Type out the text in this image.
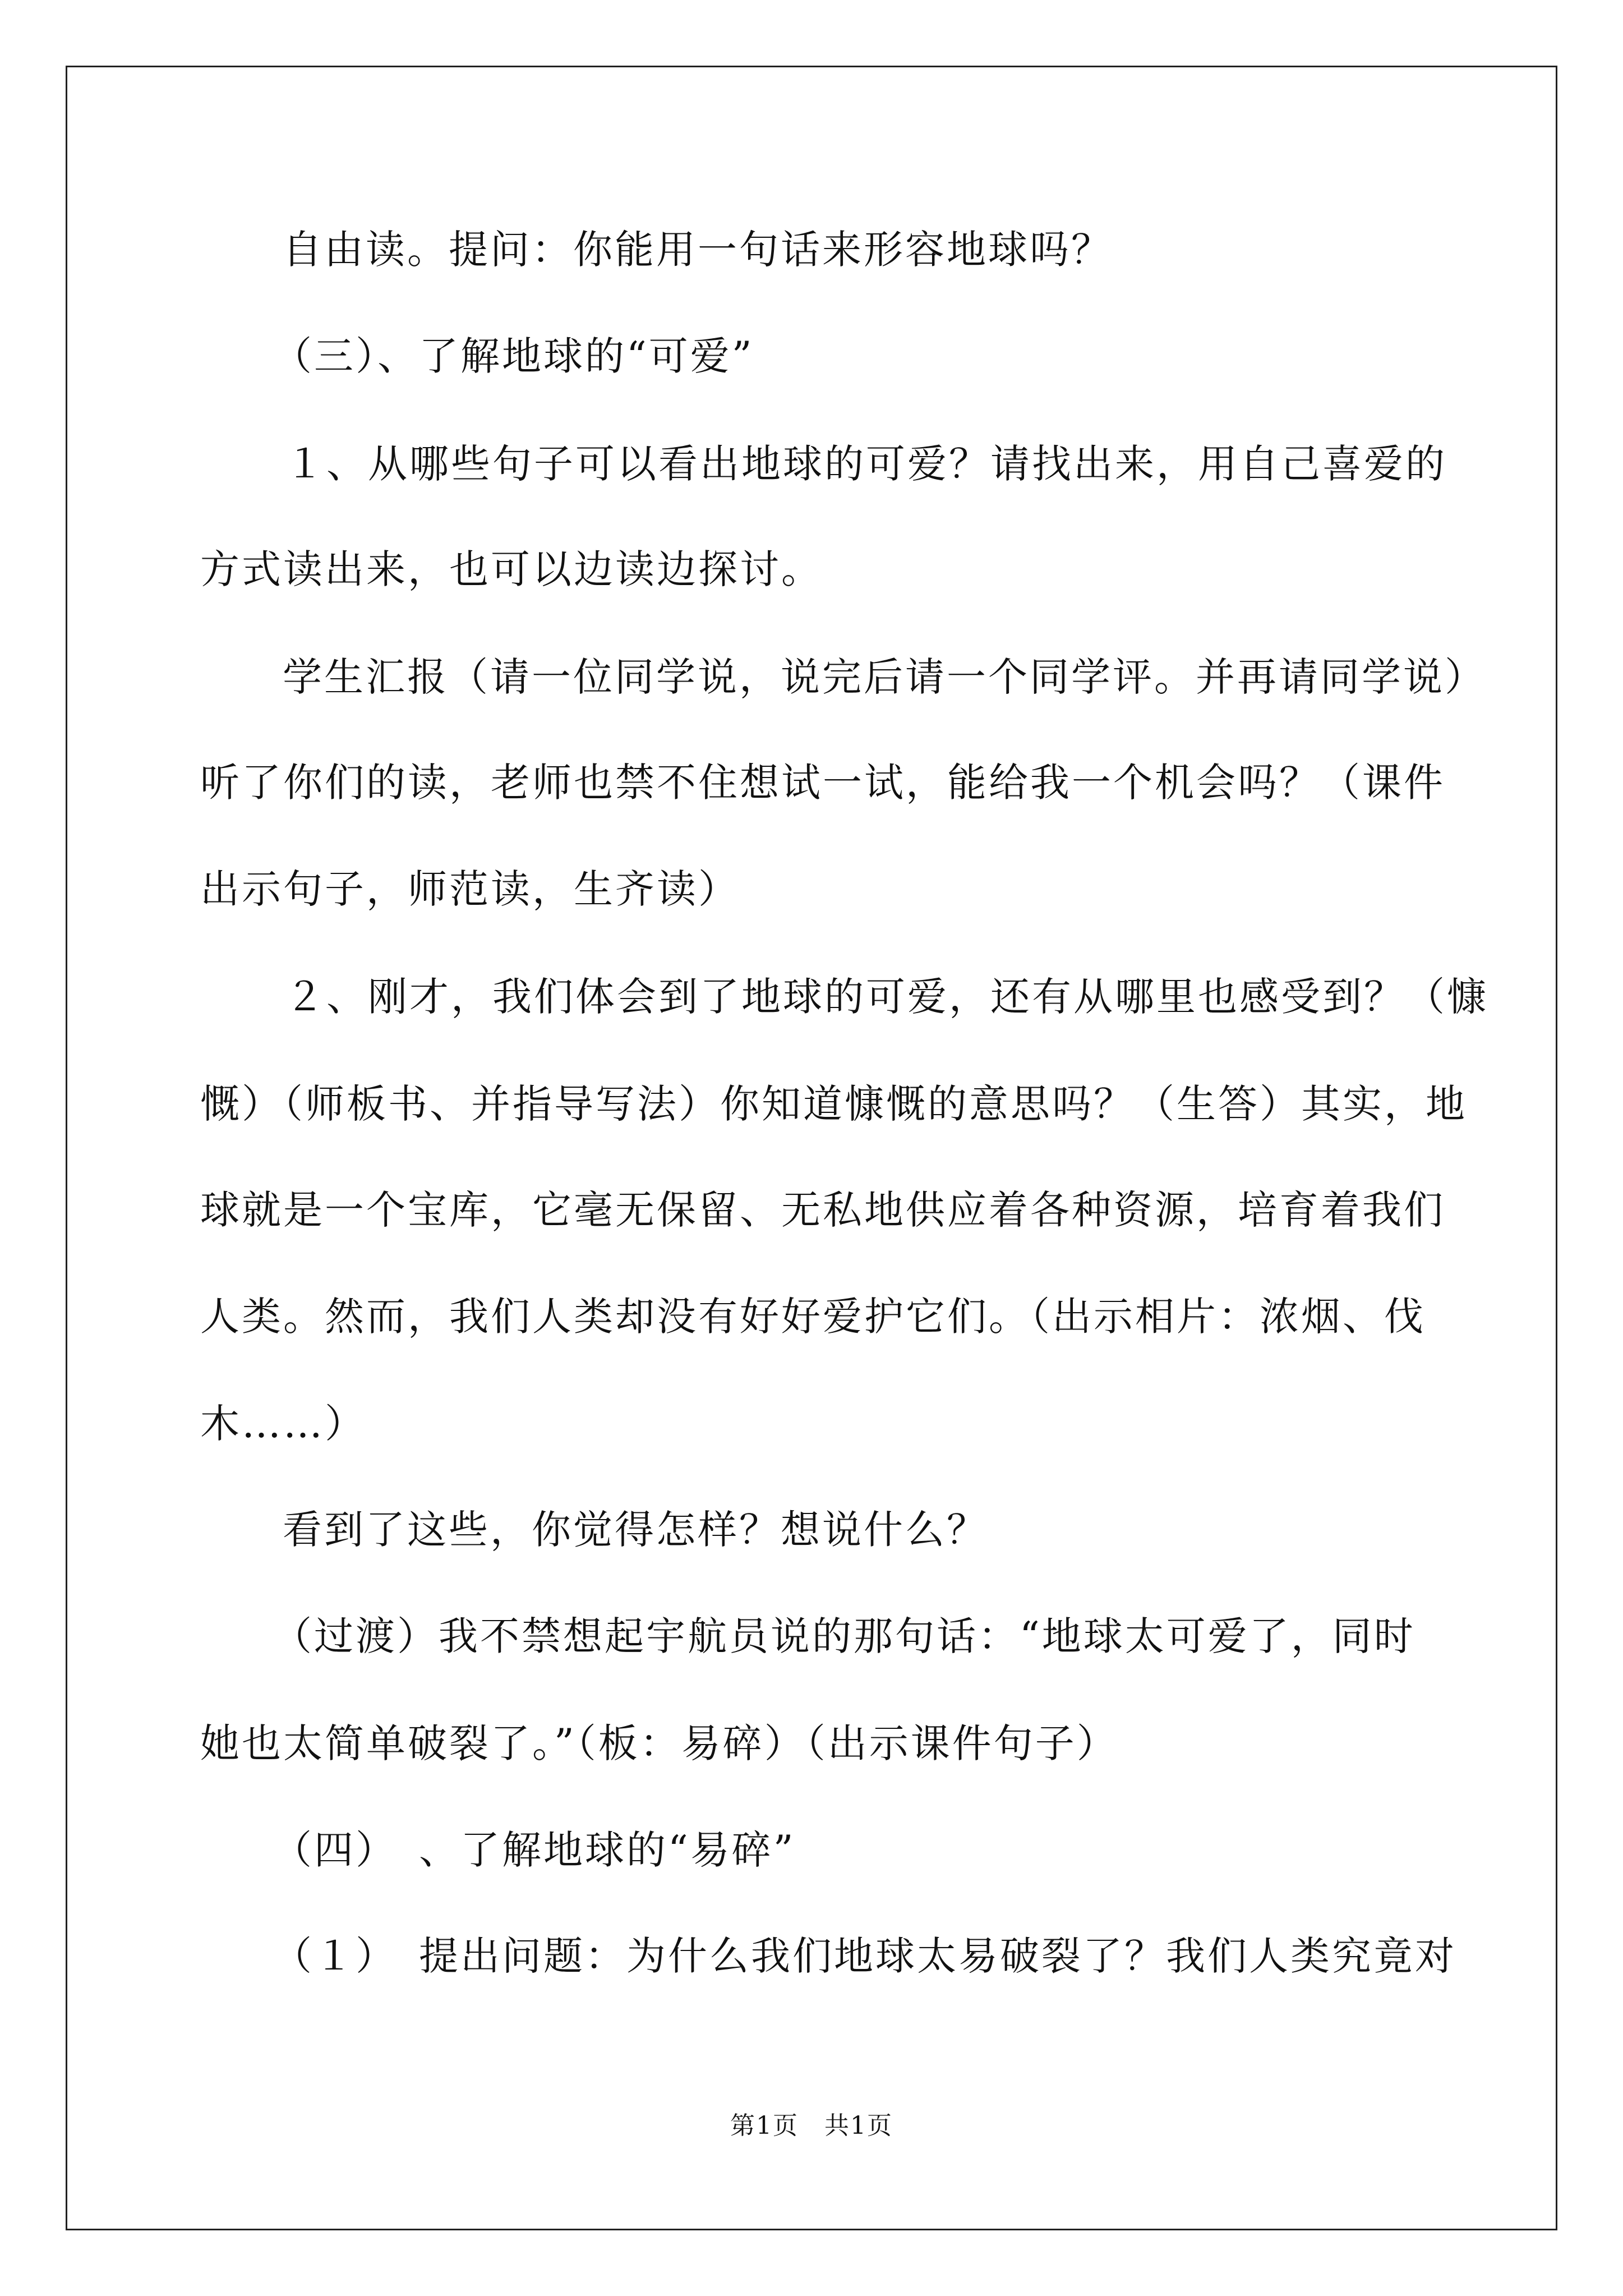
自由读。提问：你能用一句话来形容地球吗？
（三）、了解地球的“可爱”
１、从哪些句子可以看出地球的可爱？请找出来，用自己喜爱的
方式读出来，也可以边读边探讨。
学生汇报（请一位同学说，说完后请一个同学评。并再请同学说）
听了你们的读，老师也禁不住想试一试，能给我一个机会吗？（课件
出示句子，师范读，生齐读）
２、刚才，我们体会到了地球的可爱，还有从哪里也感受到？（慷
慨）（师板书、并指导写法）你知道慷慨的意思吗？（生答）其实，地
球就是一个宝库，它毫无保留、无私地供应着各种资源，培育着我们
人类。然而，我们人类却没有好好爱护它们。（出示相片：浓烟、伐
木……）
看到了这些，你觉得怎样？想说什么？
（过渡）我不禁想起宇航员说的那句话：“地球太可爱了，同时
她也太简单破裂了。”（板：易碎）（出示课件句子）
（四）　、了解地球的“易碎”
（１）　提出问题：为什么我们地球太易破裂了？我们人类究竟对
第1页　共1页
